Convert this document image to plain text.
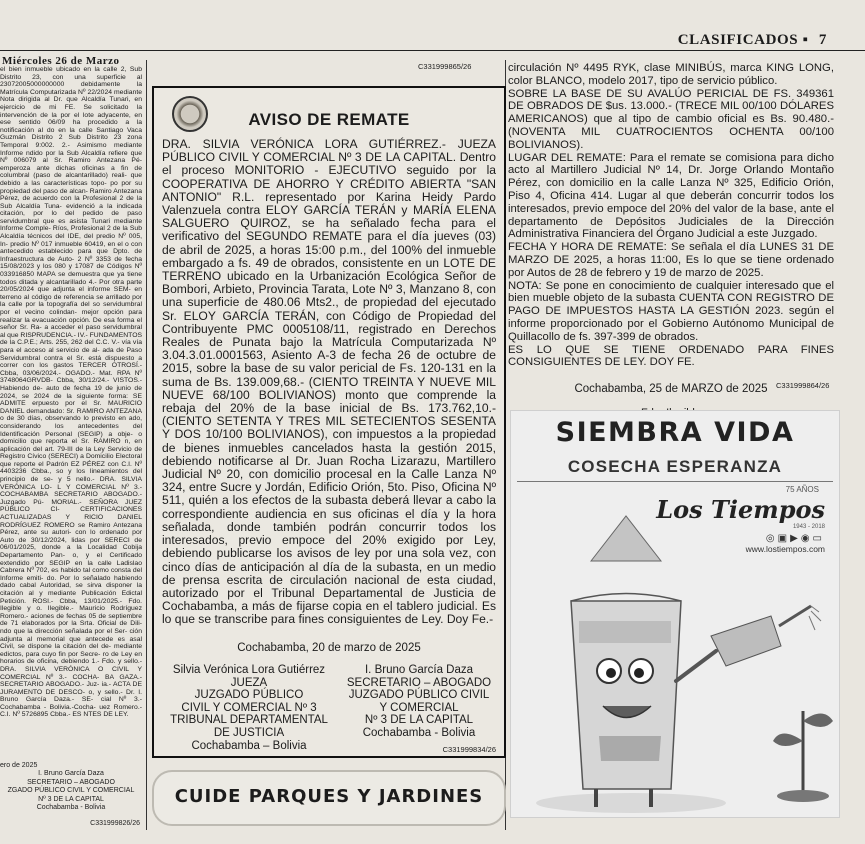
Miércoles 26 de Marzo
CLASIFICADOS ▪ 7

el bien inmueble ubicado en la calle 2, Sub Distrito 23, con una superficie al 23072005000000000 debidamente la Matrícula Computarizada Nº 22/2024 mediante Nota dirigida al Dr. que Alcaldía Tunari, en ejercicio de mi FE. Se solicitado la intervención de la por el lote adyacente, en ese sentido 06/09 ha procedido a la notificación al do en la calle Santiago Vaca Guzmán Distrito 2 Sub Distrito 23 zona Temporal 9:002. 2.- Asimismo mediante Informe ndido por la Sub Alcaldía refiere que Nº 006079 al Sr. Ramiro Antezana Pé- emperoza ante dichas oficinas a fin de columbral (paso de alcantarillado) reali- que debido a las características topo- po por su propiedad del paso de alcan- Ramiro Antezana Pérez, de acuerdo con la Profesional 2 de la Sub Alcaldía Tuna- evidenció a la indicada citación, por lo del pedido de paso servidumbral que es asista Tunari mediante Informe Comple- Ríos, Profesional 2 de la Sub Alcaldía técnicos del IDE, del predio Nº 005, In- predio Nº 017 inmueble 60419, en el o con antecedido establecido para que Dpto. de Infraestructura de Auto- 2 Nº 3353 de fecha 15/08/2023 y los 080 y 17087 de Códigos Nº 033916850 MAPA se demuestra que ya tiene todos ditada y alcantarillado 4.- Por otra parte 20/05/2024 que adjunta el informe SEM- en terreno al código de referencia se arrillado por la calle por la topografía del so servidumbral por el vecino colindan- mejor opción para realizar la evacuación opción. De esa forma el señor Sr. Ra- a acceder el paso servidumbral al que RISPRUDENCIA.- IV.- FUNDAMENTOS de la C.P.E.; Arts. 255, 262 del C.C. V.- vía vía para el acceso al servicio de al- ada de Paso Servidumbral contra el Sr. está dispuesto a correr con los gastos TERCER OTROSÍ.- Cbba, 03/06/2024.- OGADO.- Mat. RPA Nº 3748064GRVDB- Cbba, 30/12/24.- VISTOS.- Habiendo de- auto de fecha 19 de junio de 2024, se 2024 de la siguiente forma: SE ADMITE erpuesto por el Sr. MAURICIO DANIEL demandado: Sr. RAMIRO ANTEZANA o de 30 días, observando lo previsto en ado, considerando los antecedentes del Identificación Personal (SEGIP) a obje- o domicilio que reporta el Sr. RAMIRO n, en aplicación del art. 79-III de la Ley Servicio de Registro Cívico (SERECI) a Domicilio Electoral que reporte el Padrón EZ PÉREZ con C.I. Nº 4403236 Cbba., so y los lineamientos del principio de se- y 5 nello.- DRA. SILVIA VERÓNICA LO- L Y COMERCIAL Nº 3.-COCHABAMBA SECRETARIO ABOGADO.- Juzgado Pú- MORIAL.- SEÑORA JUEZ PÚBLICO CI- CERTIFICACIONES ACTUALIZADAS Y RICIO DANIEL RODRÍGUEZ ROMERO se Ramiro Antezana Pérez, ante su autori- con lo ordenado por Auto de 30/12/2024, lidas por SERECI de 06/01/2025, donde a la Localidad Cobija Departamento Pan- o, y el Certificado extendido por SEGIP en la calle Ladislao Cabrera Nº 702, es habido tal como consta del Informe emiti- do. Por lo señalado habiendo dado cabal Autoridad, se sirva disponer la citación al y mediante Publicación Edictal Petición. ROSI.- Cbba, 13/01/2025.- Fdo. Ilegible y o. Ilegible.- Mauricio Rodríguez Romero.- aciones de fechas 05 de septiembre de 71 elaborados por la Srta. Oficial de Dili- ndo que la dirección señalada por el Ser- ción adjunta al memorial que antecede es asal Civil, se dispone la citación del de- mediante edictos, para cuyo fin por Secre- ro de Ley en horarios de oficina, debiendo 1.- Fdo. y sello.- DRA. SILVIA VERÓNICA O CIVIL Y COMERCIAL Nº 3.- COCHA- BA GAZA.- SECRETARIO ABOGADO.- Juz- ia.- ACTA DE JURAMENTO DE DESCO- o, y sello.- Dr. I. Bruno García Daza.- SE- cial Nº 3.- Cochabamba - Bolivia.-Cocha- uez Romero.- C.I. Nº 5726895 Cbba.- ES NTES DE LEY.

ero de 2025
I. Bruno García Daza
SECRETARIO – ABOGADO
ZGADO PÚBLICO CIVIL Y COMERCIAL
Nº 3 DE LA CAPITAL
Cochabamba - Bolivia
C331999826/26
C331999865/26
AVISO DE REMATE

DRA. SILVIA VERÓNICA LORA GUTIÉRREZ.- JUEZA PÚBLICO CIVIL Y COMERCIAL Nº 3 DE LA CAPITAL. Dentro el proceso MONITORIO - EJECUTIVO seguido por la COOPERATIVA DE AHORRO Y CRÉDITO ABIERTA "SAN ANTONIO" R.L. representado por Karina Heidy Pardo Valenzuela contra ELOY GARCÍA TERÁN y MARÍA ELENA SALGUERO QUIROZ, se ha señalado fecha para el verificativo del SEGUNDO REMATE para el día jueves (03) de abril de 2025, a horas 15:00 p.m., del 100% del inmueble embargado a fs. 49 de obrados, consistente en un LOTE DE TERRENO ubicado en la Urbanización Ecológica Señor de Bombori, Arbieto, Provincia Tarata, Lote Nº 3, Manzano 8, con una superficie de 480.06 Mts2., de propiedad del ejecutado Sr. ELOY GARCÍA TERÁN, con Código de Propiedad del Contribuyente PMC 0005108/11, registrado en Derechos Reales de Punata bajo la Matrícula Computarizada Nº 3.04.3.01.0001563, Asiento A-3 de fecha 26 de octubre de 2015, sobre la base de su valor pericial de Fs. 120-131 en la suma de Bs. 139.009,68.- (CIENTO TREINTA Y NUEVE MIL NUEVE 68/100 BOLIVIANOS) monto que comprende la rebaja del 20% de la base inicial de Bs. 173.762,10.- (CIENTO SETENTA Y TRES MIL SETECIENTOS SESENTA Y DOS 10/100 BOLIVIANOS), con impuestos a la propiedad de bienes inmuebles cancelados hasta la gestión 2015, debiendo notificarse al Dr. Juan Rocha Lizarazu, Martillero Judicial Nº 20, con domicilio procesal en la Calle Lanza Nº 324, entre Sucre y Jordán, Edificio Orión, 5to. Piso, Oficina Nº 511, quién a los efectos de la subasta deberá llevar a cabo la correspondiente audiencia en sus oficinas el día y la hora señalada, donde también podrán concurrir todos los interesados, previo empoce del 20% exigido por Ley, debiendo publicarse los avisos de ley por una sola vez, con cinco días de anticipación al día de la subasta, en un medio de prensa escrita de circulación nacional de esta ciudad, autorizado por el Tribunal Departamental de Justicia de Cochabamba, a más de fijarse copia en el tablero judicial. Es lo que se transcribe para fines consiguientes de Ley. Doy Fe.-

Cochabamba, 20 de marzo de 2025
Silvia Verónica Lora Gutiérrez
JUEZA
JUZGADO PÚBLICO
CIVIL Y COMERCIAL Nº 3
TRIBUNAL DEPARTAMENTAL
DE JUSTICIA
Cochabamba – Bolivia
I. Bruno García Daza
SECRETARIO – ABOGADO
JUZGADO PÚBLICO CIVIL
Y COMERCIAL
Nº 3 DE LA CAPITAL
Cochabamba - Bolivia
C331999834/26

circulación Nº 4495 RYK, clase MINIBÚS, marca KING LONG, color BLANCO, modelo 2017, tipo de servicio público.

SOBRE LA BASE DE SU AVALÚO PERICIAL DE FS. 349361 DE OBRADOS DE $us. 13.000.- (TRECE MIL 00/100 DÓLARES AMERICANOS) que al tipo de cambio oficial es Bs. 90.480.- (NOVENTA MIL CUATROCIENTOS OCHENTA 00/100 BOLIVIANOS).

LUGAR DEL REMATE: Para el remate se comisiona para dicho acto al Martillero Judicial Nº 14, Dr. Jorge Orlando Montaño Pérez, con domicilio en la calle Lanza Nº 325, Edificio Orión, Piso 4, Oficina 414. Lugar al que deberán concurrir todos los interesados, previo empoce del 20% del valor de la base, ante el departamento de Depósitos Judiciales de la Dirección Administrativa Financiera del Órgano Judicial a este Juzgado.

FECHA Y HORA DE REMATE: Se señala el día LUNES 31 DE MARZO DE 2025, a horas 11:00, Es lo que se tiene ordenado por Autos de 28 de febrero y 19 de marzo de 2025.

NOTA: Se pone en conocimiento de cualquier interesado que el bien mueble objeto de la subasta CUENTA CON REGISTRO DE PAGO DE IMPUESTOS HASTA LA GESTIÓN 2023. según el informe proporcionado por el Gobierno Autónomo Municipal de Quillacollo de fs. 397-399 de obrados.

ES LO QUE SE TIENE ORDENADO PARA FINES CONSIGUIENTES DE LEY. DOY FE.

Cochabamba, 25 de MARZO de 2025	C331999864/26
SIEMBRA VIDA
COSECHA ESPERANZA
75 AÑOS
Los Tiempos
1943 - 2018
◎▣▶◉▭
www.lostiempos.com
CUIDE PARQUES Y JARDINES
